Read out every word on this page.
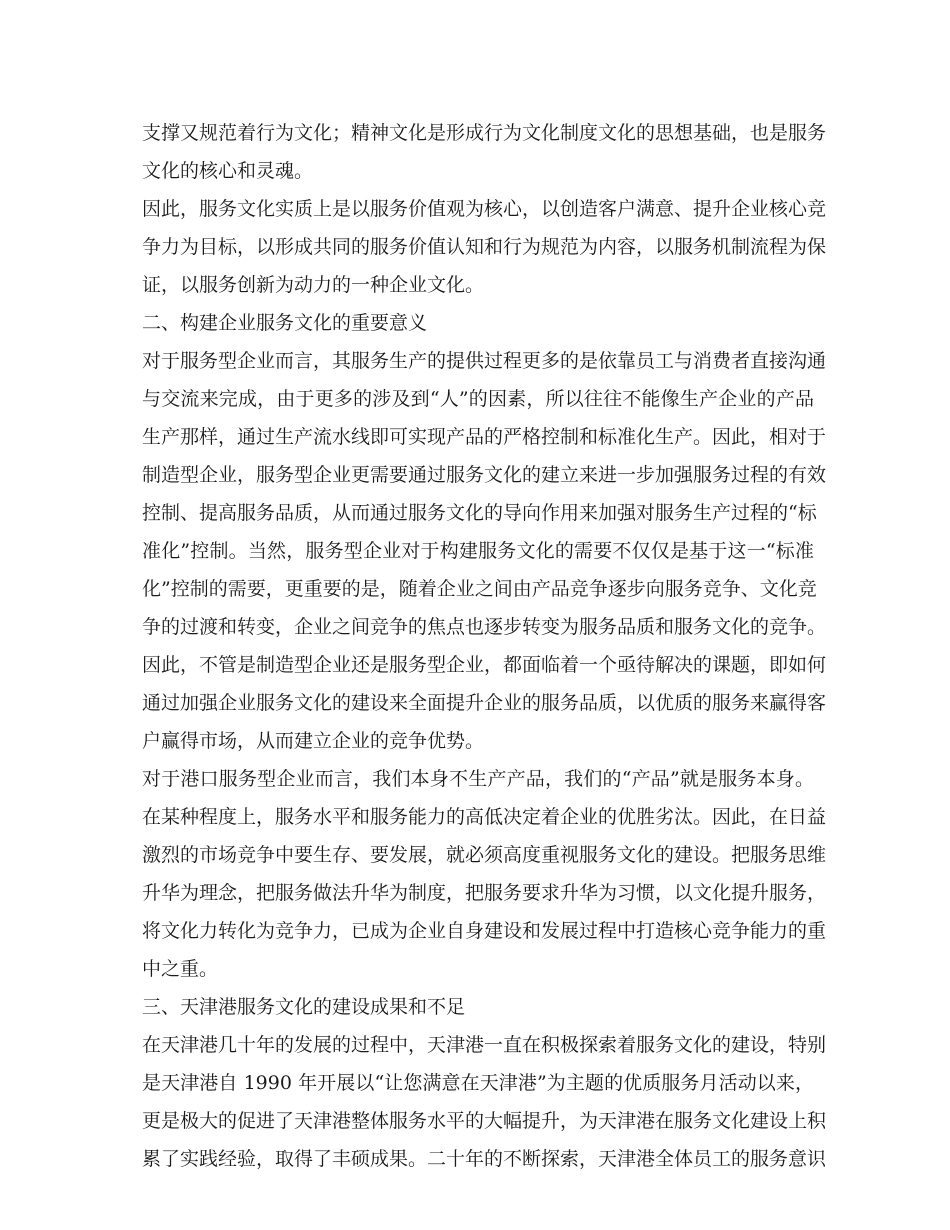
支撑又规范着行为文化；精神文化是形成行为文化制度文化的思想基础，也是服务
文化的核心和灵魂。
因此，服务文化实质上是以服务价值观为核心，以创造客户满意、提升企业核心竞
争力为目标，以形成共同的服务价值认知和行为规范为内容，以服务机制流程为保
证，以服务创新为动力的一种企业文化。
二、构建企业服务文化的重要意义
对于服务型企业而言，其服务生产的提供过程更多的是依靠员工与消费者直接沟通
与交流来完成，由于更多的涉及到“人”的因素，所以往往不能像生产企业的产品
生产那样，通过生产流水线即可实现产品的严格控制和标准化生产。因此，相对于
制造型企业，服务型企业更需要通过服务文化的建立来进一步加强服务过程的有效
控制、提高服务品质，从而通过服务文化的导向作用来加强对服务生产过程的“标
准化”控制。当然，服务型企业对于构建服务文化的需要不仅仅是基于这一“标准
化”控制的需要，更重要的是，随着企业之间由产品竞争逐步向服务竞争、文化竞
争的过渡和转变，企业之间竞争的焦点也逐步转变为服务品质和服务文化的竞争。
因此，不管是制造型企业还是服务型企业，都面临着一个亟待解决的课题，即如何
通过加强企业服务文化的建设来全面提升企业的服务品质，以优质的服务来赢得客
户赢得市场，从而建立企业的竞争优势。
对于港口服务型企业而言，我们本身不生产产品，我们的“产品”就是服务本身。
在某种程度上，服务水平和服务能力的高低决定着企业的优胜劣汰。因此，在日益
激烈的市场竞争中要生存、要发展，就必须高度重视服务文化的建设。把服务思维
升华为理念，把服务做法升华为制度，把服务要求升华为习惯，以文化提升服务，
将文化力转化为竞争力，已成为企业自身建设和发展过程中打造核心竞争能力的重
中之重。
三、天津港服务文化的建设成果和不足
在天津港几十年的发展的过程中，天津港一直在积极探索着服务文化的建设，特别
是天津港自 1990 年开展以“让您满意在天津港”为主题的优质服务月活动以来，
更是极大的促进了天津港整体服务水平的大幅提升，为天津港在服务文化建设上积
累了实践经验，取得了丰硕成果。二十年的不断探索，天津港全体员工的服务意识
